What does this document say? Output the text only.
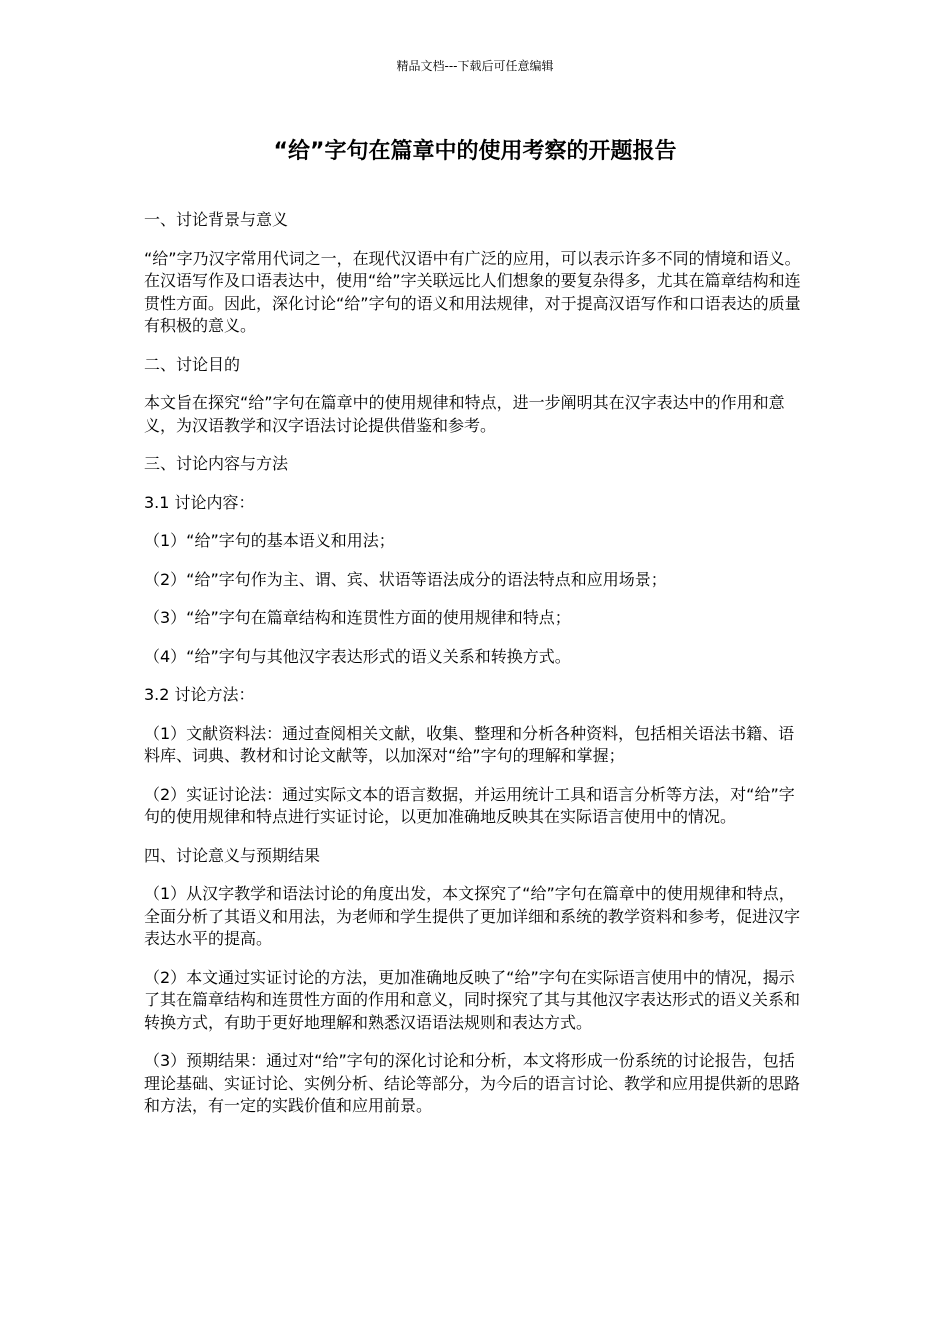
精品文档---下载后可任意编辑
“给”字句在篇章中的使用考察的开题报告

一、讨论背景与意义

“给”字乃汉字常用代词之一，在现代汉语中有广泛的应用，可以表示许多不同的情境和语义。在汉语写作及口语表达中，使用“给”字关联远比人们想象的要复杂得多，尤其在篇章结构和连贯性方面。因此，深化讨论“给”字句的语义和用法规律，对于提高汉语写作和口语表达的质量有积极的意义。

二、讨论目的

本文旨在探究“给”字句在篇章中的使用规律和特点，进一步阐明其在汉字表达中的作用和意义，为汉语教学和汉字语法讨论提供借鉴和参考。

三、讨论内容与方法

3.1 讨论内容：

（1）“给”字句的基本语义和用法；

（2）“给”字句作为主、谓、宾、状语等语法成分的语法特点和应用场景；

（3）“给”字句在篇章结构和连贯性方面的使用规律和特点；

（4）“给”字句与其他汉字表达形式的语义关系和转换方式。

3.2 讨论方法：

（1）文献资料法：通过查阅相关文献，收集、整理和分析各种资料，包括相关语法书籍、语料库、词典、教材和讨论文献等，以加深对“给”字句的理解和掌握；

（2）实证讨论法：通过实际文本的语言数据，并运用统计工具和语言分析等方法，对“给”字句的使用规律和特点进行实证讨论，以更加准确地反映其在实际语言使用中的情况。

四、讨论意义与预期结果

（1）从汉字教学和语法讨论的角度出发，本文探究了“给”字句在篇章中的使用规律和特点，全面分析了其语义和用法，为老师和学生提供了更加详细和系统的教学资料和参考，促进汉字表达水平的提高。

（2）本文通过实证讨论的方法，更加准确地反映了“给”字句在实际语言使用中的情况，揭示了其在篇章结构和连贯性方面的作用和意义，同时探究了其与其他汉字表达形式的语义关系和转换方式，有助于更好地理解和熟悉汉语语法规则和表达方式。

（3）预期结果：通过对“给”字句的深化讨论和分析，本文将形成一份系统的讨论报告，包括理论基础、实证讨论、实例分析、结论等部分，为今后的语言讨论、教学和应用提供新的思路和方法，有一定的实践价值和应用前景。
